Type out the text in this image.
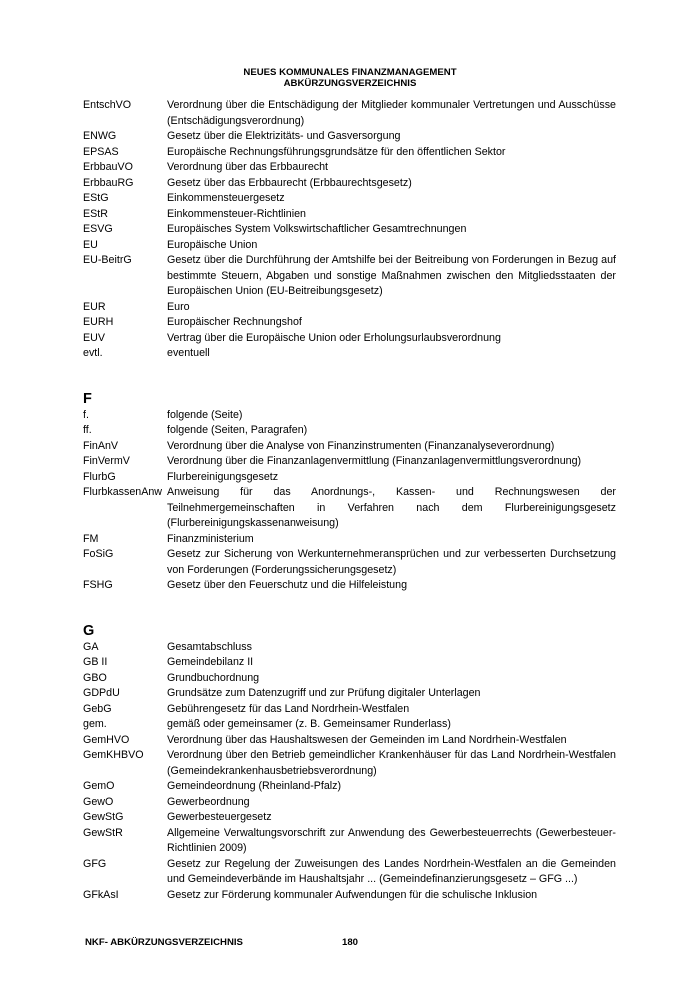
NEUES KOMMUNALES FINANZMANAGEMENT
ABKÜRZUNGSVERZEICHNIS
EntschVO	Verordnung über die Entschädigung der Mitglieder kommunaler Vertretungen und Ausschüsse (Entschädigungsverordnung)
ENWG	Gesetz über die Elektrizitäts- und Gasversorgung
EPSAS	Europäische Rechnungsführungsgrundsätze für den öffentlichen Sektor
ErbbauVO	Verordnung über das Erbbaurecht
ErbbauRG	Gesetz über das Erbbaurecht (Erbbaurechtsgesetz)
EStG	Einkommensteuergesetz
EStR	Einkommensteuer-Richtlinien
ESVG	Europäisches System Volkswirtschaftlicher Gesamtrechnungen
EU	Europäische Union
EU-BeitrG	Gesetz über die Durchführung der Amtshilfe bei der Beitreibung von Forderungen in Bezug auf bestimmte Steuern, Abgaben und sonstige Maßnahmen zwischen den Mitgliedsstaaten der Europäischen Union (EU-Beitreibungsgesetz)
EUR	Euro
EURH	Europäischer Rechnungshof
EUV	Vertrag über die Europäische Union oder Erholungsurlaubsverordnung
evtl.	eventuell
F
f.	folgende (Seite)
ff.	folgende (Seiten, Paragrafen)
FinAnV	Verordnung über die Analyse von Finanzinstrumenten (Finanzanalyseverordnung)
FinVermV	Verordnung über die Finanzanlagenvermittlung (Finanzanlagenvermittlungsverordnung)
FlurbG	Flurbereinigungsgesetz
FlurbkassenAnw Anweisung für das Anordnungs-, Kassen- und Rechnungswesen der Teilnehmergemeinschaften in Verfahren nach dem Flurbereinigungsgesetz (Flurbereinigungskassenanweisung)
FM	Finanzministerium
FoSiG	Gesetz zur Sicherung von Werkunternehmeransprüchen und zur verbesserten Durchsetzung von Forderungen (Forderungssicherungsgesetz)
FSHG	Gesetz über den Feuerschutz und die Hilfeleistung
G
GA	Gesamtabschluss
GB II	Gemeindebilanz II
GBO	Grundbuchordnung
GDPdU	Grundsätze zum Datenzugriff und zur Prüfung digitaler Unterlagen
GebG	Gebührengesetz für das Land Nordrhein-Westfalen
gem.	gemäß oder gemeinsamer (z. B. Gemeinsamer Runderlass)
GemHVO	Verordnung über das Haushaltswesen der Gemeinden im Land Nordrhein-Westfalen
GemKHBVO	Verordnung über den Betrieb gemeindlicher Krankenhäuser für das Land Nordrhein-Westfalen (Gemeindekrankenhausbetriebsverordnung)
GemO	Gemeindeordnung (Rheinland-Pfalz)
GewO	Gewerbeordnung
GewStG	Gewerbesteuergesetz
GewStR	Allgemeine Verwaltungsvorschrift zur Anwendung des Gewerbesteuerrechts (Gewerbesteuer-Richtlinien 2009)
GFG	Gesetz zur Regelung der Zuweisungen des Landes Nordrhein-Westfalen an die Gemeinden und Gemeindeverbände im Haushaltsjahr ... (Gemeindefinanzierungsgesetz – GFG ...)
GFkAsI	Gesetz zur Förderung kommunaler Aufwendungen für die schulische Inklusion
NKF- ABKÜRZUNGSVERZEICHNIS	180
